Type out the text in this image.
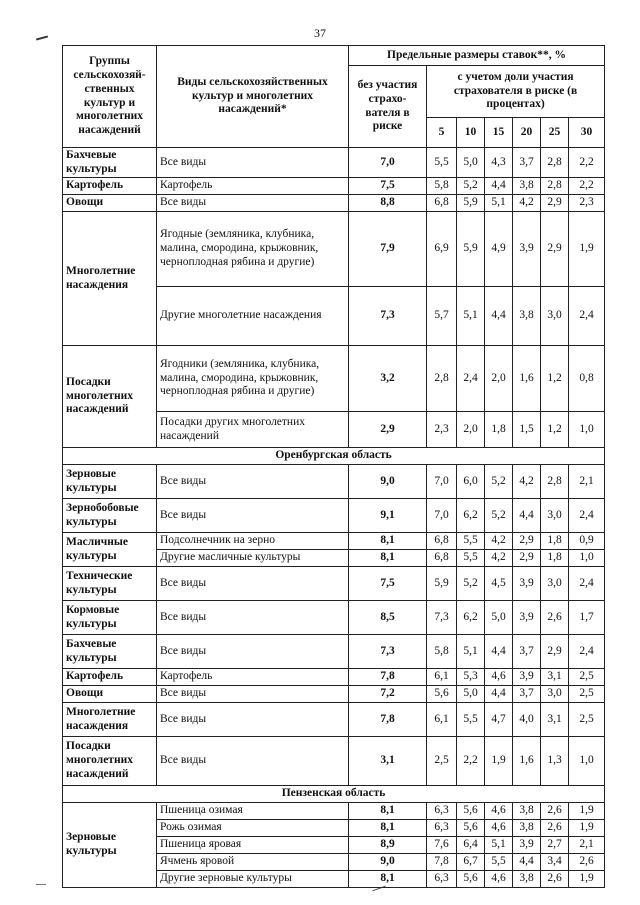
37
Группы сельскохозяй-ственных культур и многолетних насаждений	Виды сельскохозяйственных культур и многолетних насаждений*	Предельные размеры ставок**, %						
		без участия страхо-вателя в риске	с учетом доли участия страхователя в риске (в процентах)					
			5	10	15	20	25	30
Бахчевые культуры	Все виды	7,0	5,5	5,0	4,3	3,7	2,8	2,2
Картофель	Картофель	7,5	5,8	5,2	4,4	3,8	2,8	2,2
Овощи	Все виды	8,8	6,8	5,9	5,1	4,2	2,9	2,3
Многолетние насаждения	Ягодные (земляника, клубника, малина, смородина, крыжовник, черноплодная рябина и другие)	7,9	6,9	5,9	4,9	3,9	2,9	1,9
	Другие многолетние насаждения	7,3	5,7	5,1	4,4	3,8	3,0	2,4
Посадки многолетних насаждений	Ягодники (земляника, клубника, малина, смородина, крыжовник, черноплодная рябина и другие)	3,2	2,8	2,4	2,0	1,6	1,2	0,8
	Посадки других многолетних насаждений	2,9	2,3	2,0	1,8	1,5	1,2	1,0
Оренбургская область								
Зерновые культуры	Все виды	9,0	7,0	6,0	5,2	4,2	2,8	2,1
Зернобобовые культуры	Все виды	9,1	7,0	6,2	5,2	4,4	3,0	2,4
Масличные культуры	Подсолнечник на зерно	8,1	6,8	5,5	4,2	2,9	1,8	0,9
	Другие масличные культуры	8,1	6,8	5,5	4,2	2,9	1,8	1,0
Технические культуры	Все виды	7,5	5,9	5,2	4,5	3,9	3,0	2,4
Кормовые культуры	Все виды	8,5	7,3	6,2	5,0	3,9	2,6	1,7
Бахчевые культуры	Все виды	7,3	5,8	5,1	4,4	3,7	2,9	2,4
Картофель	Картофель	7,8	6,1	5,3	4,6	3,9	3,1	2,5
Овощи	Все виды	7,2	5,6	5,0	4,4	3,7	3,0	2,5
Многолетние насаждения	Все виды	7,8	6,1	5,5	4,7	4,0	3,1	2,5
Посадки многолетних насаждений	Все виды	3,1	2,5	2,2	1,9	1,6	1,3	1,0
Пензенская область								
Зерновые культуры	Пшеница озимая	8,1	6,3	5,6	4,6	3,8	2,6	1,9
	Рожь озимая	8,1	6,3	5,6	4,6	3,8	2,6	1,9
	Пшеница яровая	8,9	7,6	6,4	5,1	3,9	2,7	2,1
	Ячмень яровой	9,0	7,8	6,7	5,5	4,4	3,4	2,6
	Другие зерновые культуры	8,1	6,3	5,6	4,6	3,8	2,6	1,9
